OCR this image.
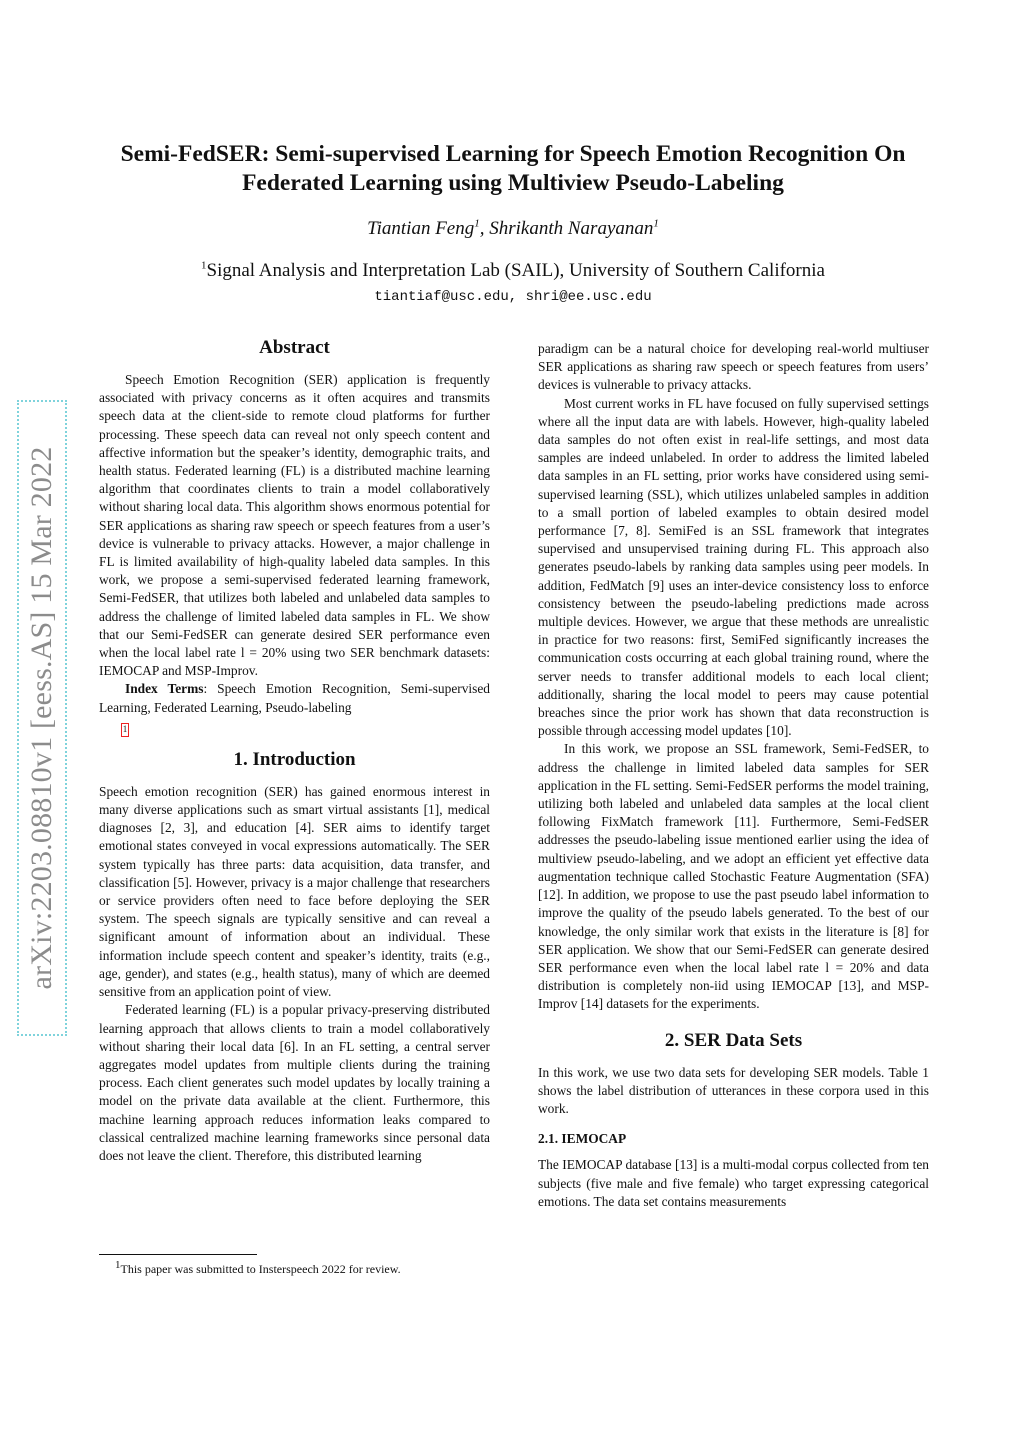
arXiv:2203.08810v1 [eess.AS] 15 Mar 2022
Semi-FedSER: Semi-supervised Learning for Speech Emotion Recognition On
Federated Learning using Multiview Pseudo-Labeling
Tiantian Feng$^1$, Shrikanth Narayanan$^1$
$^1$Signal Analysis and Interpretation Lab (SAIL), University of Southern California
tiantiaf@usc.edu, shri@ee.usc.edu
Abstract

Speech Emotion Recognition (SER) application is frequently associated with privacy concerns as it often acquires and transmits speech data at the client-side to remote cloud platforms for further processing. These speech data can reveal not only speech content and affective information but the speaker’s identity, demographic traits, and health status. Federated learning (FL) is a distributed machine learning algorithm that coordinates clients to train a model collaboratively without sharing local data. This algorithm shows enormous potential for SER applications as sharing raw speech or speech features from a user’s device is vulnerable to privacy attacks. However, a major challenge in FL is limited availability of high-quality labeled data samples. In this work, we propose a semi-supervised federated learning framework, Semi-FedSER, that utilizes both labeled and unlabeled data samples to address the challenge of limited labeled data samples in FL. We show that our Semi-FedSER can generate desired SER performance even when the local label rate l = 20% using two SER benchmark datasets: IEMOCAP and MSP-Improv.

Index Terms: Speech Emotion Recognition, Semi-supervised Learning, Federated Learning, Pseudo-labeling

1
1. Introduction

Speech emotion recognition (SER) has gained enormous interest in many diverse applications such as smart virtual assistants [1], medical diagnoses [2, 3], and education [4]. SER aims to identify target emotional states conveyed in vocal expressions automatically. The SER system typically has three parts: data acquisition, data transfer, and classification [5]. However, privacy is a major challenge that researchers or service providers often need to face before deploying the SER system. The speech signals are typically sensitive and can reveal a significant amount of information about an individual. These information include speech content and speaker’s identity, traits (e.g., age, gender), and states (e.g., health status), many of which are deemed sensitive from an application point of view.

Federated learning (FL) is a popular privacy-preserving distributed learning approach that allows clients to train a model collaboratively without sharing their local data [6]. In an FL setting, a central server aggregates model updates from multiple clients during the training process. Each client generates such model updates by locally training a model on the private data available at the client. Furthermore, this machine learning approach reduces information leaks compared to classical centralized machine learning frameworks since personal data does not leave the client. Therefore, this distributed learning

paradigm can be a natural choice for developing real-world multiuser SER applications as sharing raw speech or speech features from users’ devices is vulnerable to privacy attacks.

Most current works in FL have focused on fully supervised settings where all the input data are with labels. However, high-quality labeled data samples do not often exist in real-life settings, and most data samples are indeed unlabeled. In order to address the limited labeled data samples in an FL setting, prior works have considered using semi-supervised learning (SSL), which utilizes unlabeled samples in addition to a small portion of labeled examples to obtain desired model performance [7, 8]. SemiFed is an SSL framework that integrates supervised and unsupervised training during FL. This approach also generates pseudo-labels by ranking data samples using peer models. In addition, FedMatch [9] uses an inter-device consistency loss to enforce consistency between the pseudo-labeling predictions made across multiple devices. However, we argue that these methods are unrealistic in practice for two reasons: first, SemiFed significantly increases the communication costs occurring at each global training round, where the server needs to transfer additional models to each local client; additionally, sharing the local model to peers may cause potential breaches since the prior work has shown that data reconstruction is possible through accessing model updates [10].

In this work, we propose an SSL framework, Semi-FedSER, to address the challenge in limited labeled data samples for SER application in the FL setting. Semi-FedSER performs the model training, utilizing both labeled and unlabeled data samples at the local client following FixMatch framework [11]. Furthermore, Semi-FedSER addresses the pseudo-labeling issue mentioned earlier using the idea of multiview pseudo-labeling, and we adopt an efficient yet effective data augmentation technique called Stochastic Feature Augmentation (SFA) [12]. In addition, we propose to use the past pseudo label information to improve the quality of the pseudo labels generated. To the best of our knowledge, the only similar work that exists in the literature is [8] for SER application. We show that our Semi-FedSER can generate desired SER performance even when the local label rate l = 20% and data distribution is completely non-iid using IEMOCAP [13], and MSP-Improv [14] datasets for the experiments.

2. SER Data Sets

In this work, we use two data sets for developing SER models. Table 1 shows the label distribution of utterances in these corpora used in this work.

2.1. IEMOCAP

The IEMOCAP database [13] is a multi-modal corpus collected from ten subjects (five male and five female) who target expressing categorical emotions. The data set contains measurements

$^1$This paper was submitted to Insterspeech 2022 for review.
